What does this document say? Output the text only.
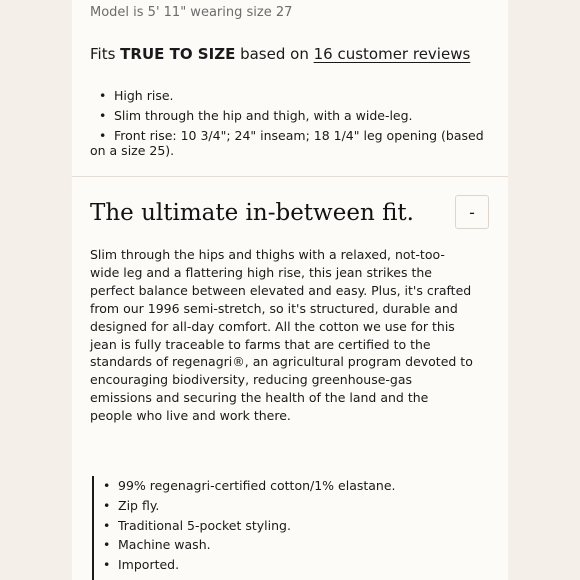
Model is 5' 11" wearing size 27
Fits TRUE TO SIZE based on 16 customer reviews
• High rise.
• Slim through the hip and thigh, with a wide-leg.
• Front rise: 10 3/4"; 24" inseam; 18 1/4" leg opening (based
on a size 25).
The ultimate in-between fit.	-

Slim through the hips and thighs with a relaxed, not-too-
wide leg and a flattering high rise, this jean strikes the
perfect balance between elevated and easy. Plus, it's crafted
from our 1996 semi-stretch, so it's structured, durable and
designed for all-day comfort. All the cotton we use for this
jean is fully traceable to farms that are certified to the
standards of regenagri®, an agricultural program devoted to
encouraging biodiversity, reducing greenhouse-gas
emissions and securing the health of the land and the
people who live and work there.

• 99% regenagri-certified cotton/1% elastane.
• Zip fly.
• Traditional 5-pocket styling.
• Machine wash.
• Imported.
